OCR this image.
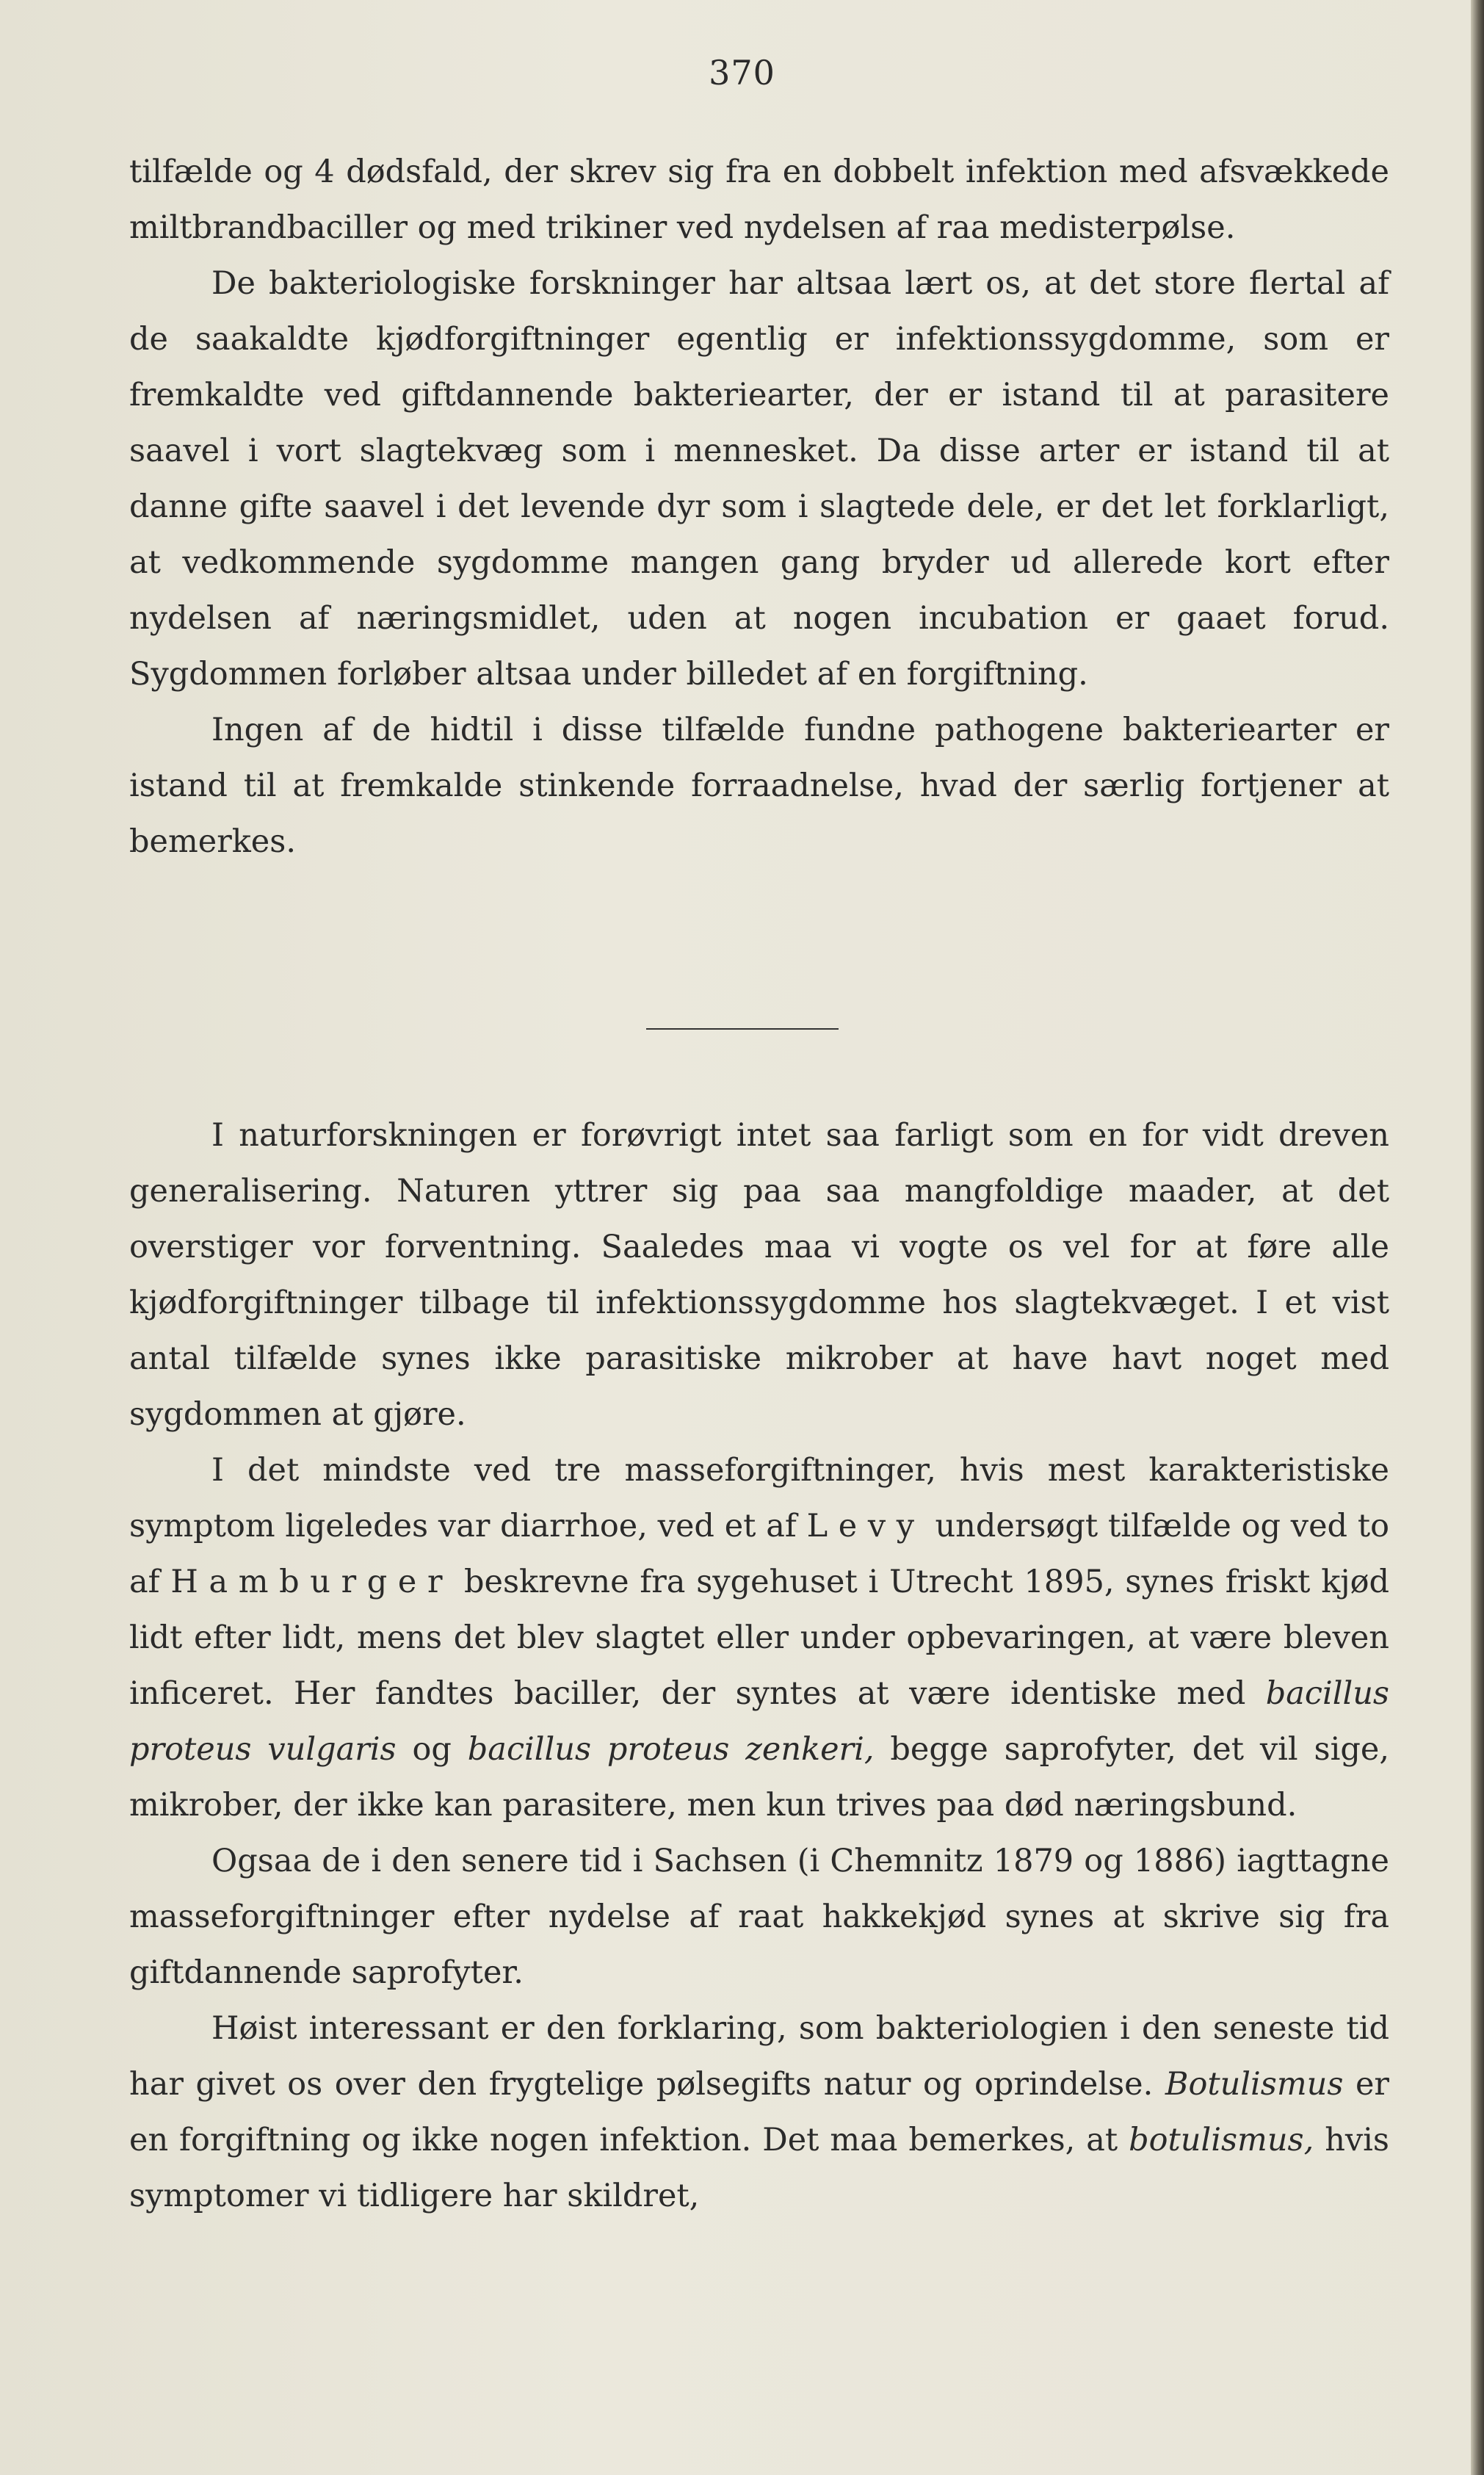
370

tilfælde og 4 dødsfald, der skrev sig fra en dobbelt infektion med afsvækkede miltbrandbaciller og med trikiner ved nydelsen af raa medisterpølse.

De bakteriologiske forskninger har altsaa lært os, at det store flertal af de saakaldte kjødforgiftninger egentlig er infektionssygdomme, som er fremkaldte ved giftdannende bakteriearter, der er istand til at parasitere saavel i vort slagtekvæg som i mennesket. Da disse arter er istand til at danne gifte saavel i det levende dyr som i slagtede dele, er det let forklarligt, at vedkommende sygdomme mangen gang bryder ud allerede kort efter nydelsen af næringsmidlet, uden at nogen incubation er gaaet forud. Sygdommen forløber altsaa under billedet af en forgiftning.

Ingen af de hidtil i disse tilfælde fundne pathogene bakteriearter er istand til at fremkalde stinkende forraadnelse, hvad der særlig fortjener at bemerkes.

I naturforskningen er forøvrigt intet saa farligt som en for vidt dreven generalisering. Naturen yttrer sig paa saa mangfoldige maader, at det overstiger vor forventning. Saaledes maa vi vogte os vel for at føre alle kjødforgiftninger tilbage til infektionssygdomme hos slagtekvæget. I et vist antal tilfælde synes ikke parasitiske mikrober at have havt noget med sygdommen at gjøre.

I det mindste ved tre masseforgiftninger, hvis mest karakteristiske symptom ligeledes var diarrhoe, ved et af Levy undersøgt tilfælde og ved to af Hamburger beskrevne fra sygehuset i Utrecht 1895, synes friskt kjød lidt efter lidt, mens det blev slagtet eller under opbevaringen, at være bleven inficeret. Her fandtes baciller, der syntes at være identiske med bacillus proteus vulgaris og bacillus proteus zenkeri, begge saprofyter, det vil sige, mikrober, der ikke kan parasitere, men kun trives paa død næringsbund.

Ogsaa de i den senere tid i Sachsen (i Chemnitz 1879 og 1886) iagttagne masseforgiftninger efter nydelse af raat hakkekjød synes at skrive sig fra giftdannende saprofyter.

Høist interessant er den forklaring, som bakteriologien i den seneste tid har givet os over den frygtelige pølsegifts natur og oprindelse. Botulismus er en forgiftning og ikke nogen infektion. Det maa bemerkes, at botulismus, hvis symptomer vi tidligere har skildret,
